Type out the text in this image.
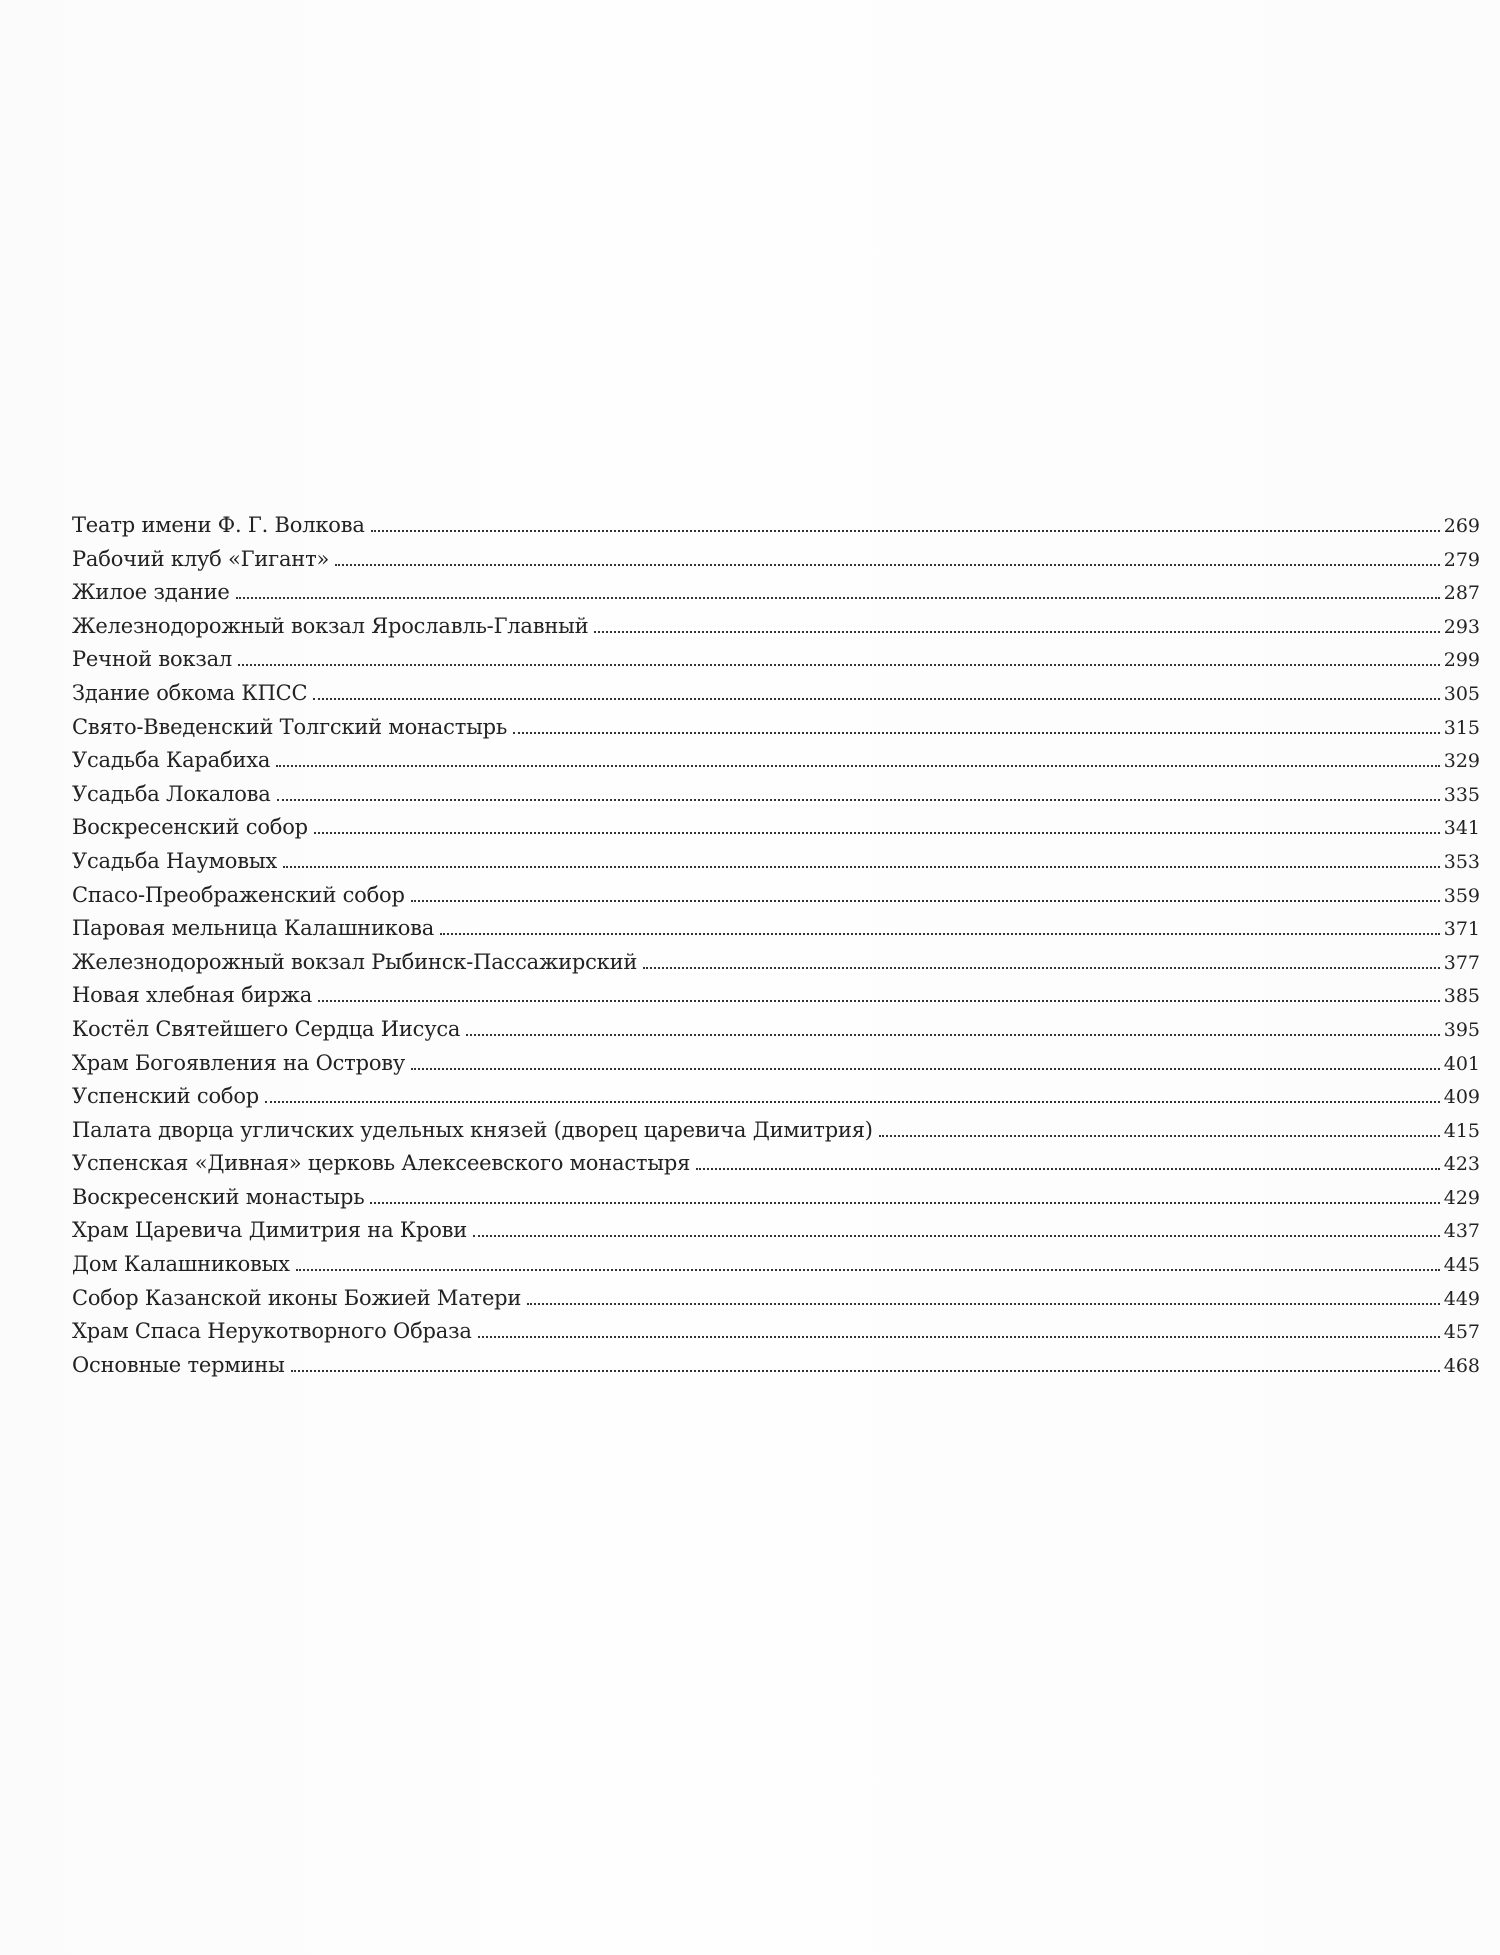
Театр имени Ф. Г. Волкова	269
Рабочий клуб «Гигант»	279
Жилое здание	287
Железнодорожный вокзал Ярославль-Главный	293
Речной вокзал	299
Здание обкома КПСС	305
Свято-Введенский Толгский монастырь	315
Усадьба Карабиха	329
Усадьба Локалова	335
Воскресенский собор	341
Усадьба Наумовых	353
Спасо-Преображенский собор	359
Паровая мельница Калашникова	371
Железнодорожный вокзал Рыбинск-Пассажирский	377
Новая хлебная биржа	385
Костёл Святейшего Сердца Иисуса	395
Храм Богоявления на Острову	401
Успенский собор	409
Палата дворца угличских удельных князей (дворец царевича Димитрия)	415
Успенская «Дивная» церковь Алексеевского монастыря	423
Воскресенский монастырь	429
Храм Царевича Димитрия на Крови	437
Дом Калашниковых	445
Собор Казанской иконы Божией Матери	449
Храм Спаса Нерукотворного Образа	457
Основные термины	468
